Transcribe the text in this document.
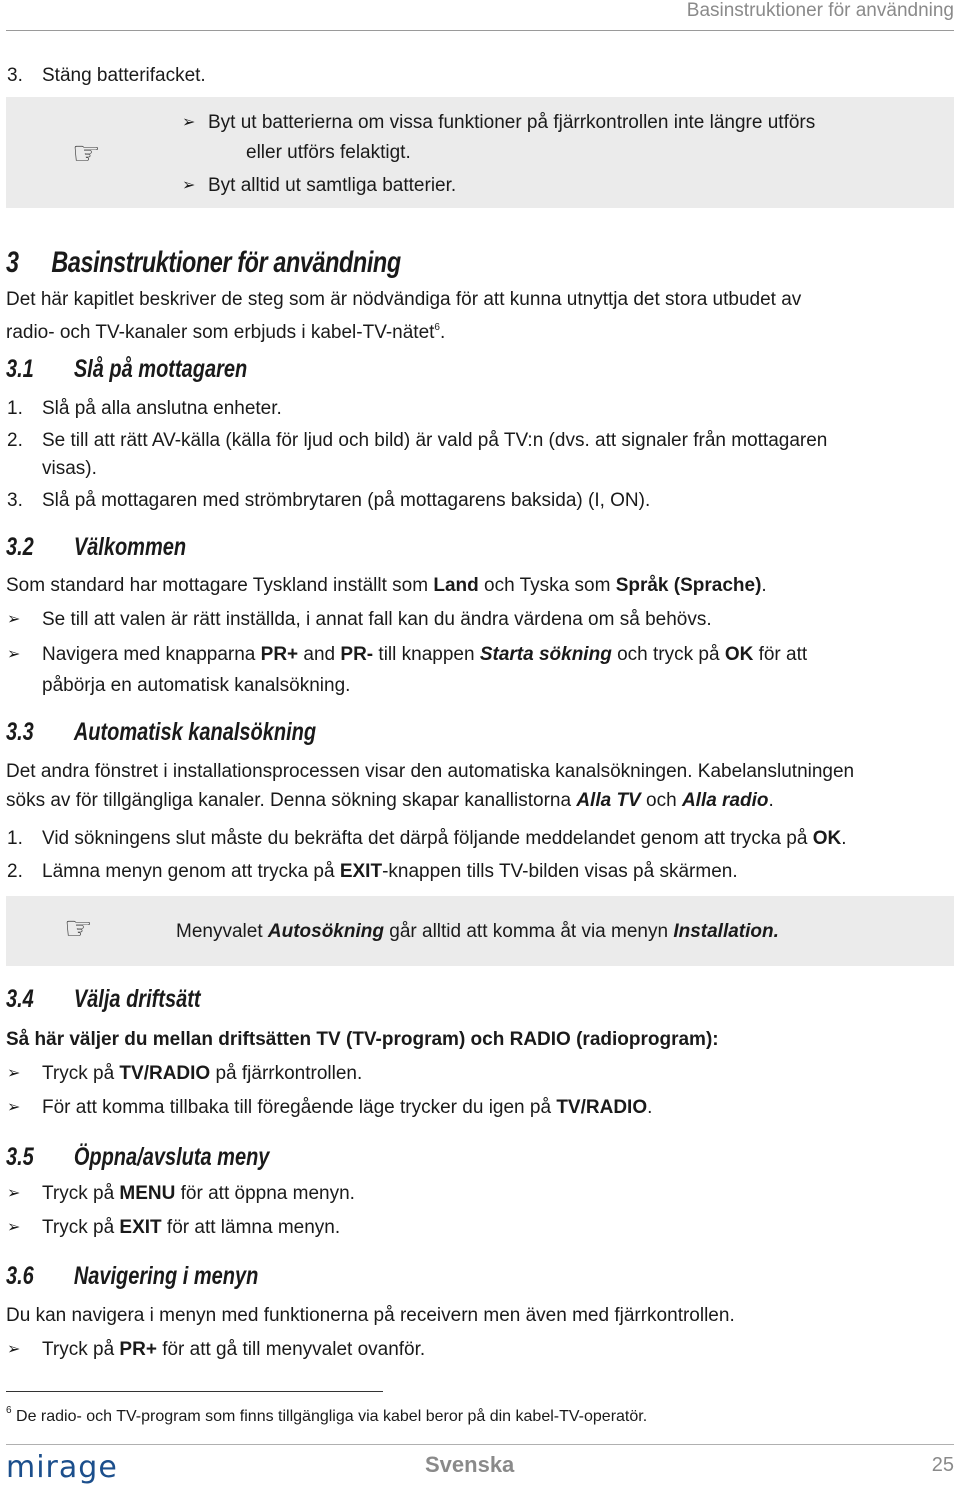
Basinstruktioner för användning
3. Stäng batterifacket.
☞
➢ Byt ut batterierna om vissa funktioner på fjärrkontrollen inte längre utförs
eller utförs felaktigt.
➢ Byt alltid ut samtliga batterier.
3 Basinstruktioner för användning
Det här kapitlet beskriver de steg som är nödvändiga för att kunna utnyttja det stora utbudet av
radio- och TV-kanaler som erbjuds i kabel-TV-nätet$^6$.
3.1 Slå på mottagaren
1. Slå på alla anslutna enheter.
2. Se till att rätt AV-källa (källa för ljud och bild) är vald på TV:n (dvs. att signaler från mottagaren
visas).
3. Slå på mottagaren med strömbrytaren (på mottagarens baksida) (I, ON).
3.2 Välkommen
Som standard har mottagare Tyskland inställt som Land och Tyska som Språk (Sprache).
➢ Se till att valen är rätt inställda, i annat fall kan du ändra värdena om så behövs.
➢ Navigera med knapparna PR+ and PR- till knappen Starta sökning och tryck på OK för att
påbörja en automatisk kanalsökning.
3.3 Automatisk kanalsökning
Det andra fönstret i installationsprocessen visar den automatiska kanalsökningen. Kabelanslutningen
söks av för tillgängliga kanaler. Denna sökning skapar kanallistorna Alla TV och Alla radio.
1. Vid sökningens slut måste du bekräfta det därpå följande meddelandet genom att trycka på OK.
2. Lämna menyn genom att trycka på EXIT-knappen tills TV-bilden visas på skärmen.
☞	Menyvalet Autosökning går alltid att komma åt via menyn Installation.
3.4 Välja driftsätt
Så här väljer du mellan driftsätten TV (TV-program) och RADIO (radioprogram):
➢ Tryck på TV/RADIO på fjärrkontrollen.
➢ För att komma tillbaka till föregående läge trycker du igen på TV/RADIO.
3.5 Öppna/avsluta meny
➢ Tryck på MENU för att öppna menyn.
➢ Tryck på EXIT för att lämna menyn.
3.6 Navigering i menyn
Du kan navigera i menyn med funktionerna på receivern men även med fjärrkontrollen.
➢ Tryck på PR+ för att gå till menyvalet ovanför.
$^6$ De radio- och TV-program som finns tillgängliga via kabel beror på din kabel-TV-operatör.
mirage	Svenska	25
